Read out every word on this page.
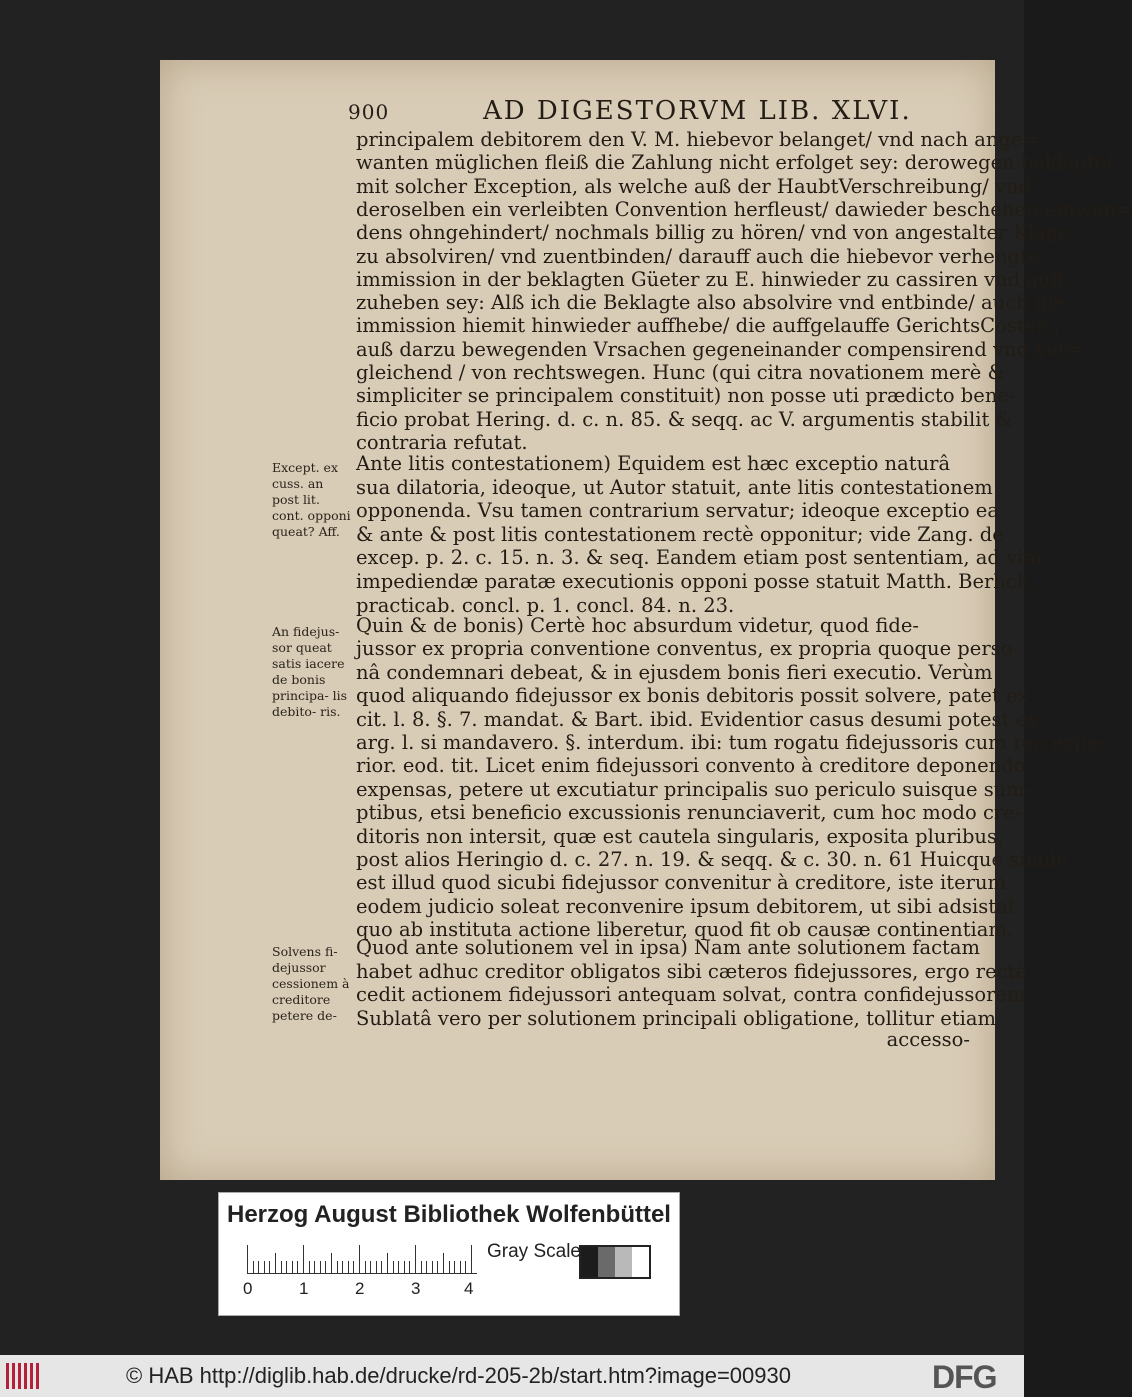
900	AD DIGESTORVM LIB. XLVI.
principalem debitorem den V. M. hiebevor belanget/ vnd nach ange=
wanten müglichen fleiß die Zahlung nicht erfolget sey: derowegen beklagte/
mit solcher Exception, als welche auß der HaubtVerschreibung/ vnd
deroselben ein verleibten Convention herfleust/ dawieder beschehen einwen=
dens ohngehindert/ nochmals billig zu hören/ vnd von angestalter Klage
zu absolviren/ vnd zuentbinden/ darauff auch die hiebevor verhengte
immission in der beklagten Güeter zu E. hinwieder zu cassiren vnd auff
zuheben sey: Alß ich die Beklagte also absolvire vnd entbinde/ auch die
immission hiemit hinwieder auffhebe/ die auffgelauffe GerichtsCosten /
auß darzu bewegenden Vrsachen gegeneinander compensirend vnd ver=
gleichend / von rechtswegen. Hunc (qui citra novationem merè &
simpliciter se principalem constituit) non posse uti prædicto bene-
ficio probat Hering. d. c. n. 85. & seqq. ac V. argumentis stabilit &
contraria refutat.
Ante litis contestationem) Equidem est hæc exceptio naturâ
sua dilatoria, ideoque, ut Autor statuit, ante litis contestationem
opponenda. Vsu tamen contrarium servatur; ideoque exceptio ea
& ante & post litis contestationem rectè opponitur; vide Zang. de
excep. p. 2. c. 15. n. 3. & seq. Eandem etiam post sententiam, ad vim
impediendæ paratæ executionis opponi posse statuit Matth. Berlich.
practicab. concl. p. 1. concl. 84. n. 23.
Quin & de bonis) Certè hoc absurdum videtur, quod fide-
jussor ex propria conventione conventus, ex propria quoque perso-
nâ condemnari debeat, & in ejusdem bonis fieri executio. Verùm
quod aliquando fidejussor ex bonis debitoris possit solvere, patet ex
cit. l. 8. §. 7. mandat. & Bart. ibid. Evidentior casus desumi potest ex
arg. l. si mandavero. §. interdum. ibi: tum rogatu fidejussoris cum reo expe-
rior. eod. tit. Licet enim fidejussori convento à creditore deponendo
expensas, petere ut excutiatur principalis suo periculo suisque sum-
ptibus, etsi beneficio excussionis renunciaverit, cum hoc modo cre-
ditoris non intersit, quæ est cautela singularis, exposita pluribus,
post alios Heringio d. c. 27. n. 19. & seqq. & c. 30. n. 61 Huicque simile
est illud quod sicubi fidejussor convenitur à creditore, iste iterum
eodem judicio soleat reconvenire ipsum debitorem, ut sibi adsistat
quo ab instituta actione liberetur, quod fit ob causæ continentiam.
Quod ante solutionem vel in ipsa) Nam ante solutionem factam
habet adhuc creditor obligatos sibi cæteros fidejussores, ergo rectè
cedit actionem fidejussori antequam solvat, contra confidejussorem.
Sublatâ vero per solutionem principali obligatione, tollitur etiam
accesso-
Except. ex cuss. an post lit. cont. opponi queat? Aff.
An fidejus- sor queat satis iacere de bonis principa- lis debito- ris.
Solvens fi- dejussor cessionem à creditore petere de-
Herzog August Bibliothek Wolfenbüttel
0	1	2	3	4
Gray Scale
© HAB http://diglib.hab.de/drucke/rd-205-2b/start.htm?image=00930	DFG
